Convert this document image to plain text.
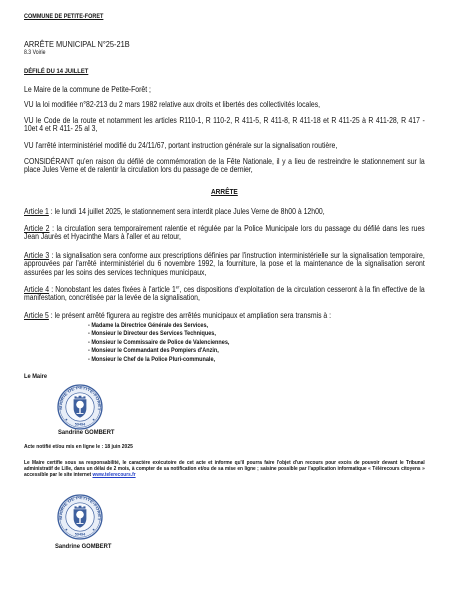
COMMUNE DE PETITE-FORET
ARRÊTE MUNICIPAL N°25-21B
8.3 Voirie
DÉFILÉ DU 14 JUILLET

Le Maire de la commune de Petite-Forêt ;

VU la loi modifiée n°82-213 du 2 mars 1982 relative aux droits et libertés des collectivités locales,

VU le Code de la route et notamment les articles R110-1, R 110-2, R 411-5, R 411-8, R 411-18 et R 411-25 à R 411-28, R 417 - 10et 4 et R 411- 25 al 3,

VU l'arrêté interministériel modifié du 24/11/67, portant instruction générale sur la signalisation routière,

CONSIDÉRANT qu'en raison du défilé de commémoration de la Fête Nationale, il y a lieu de restreindre le stationnement sur la place Jules Verne et de ralentir la circulation lors du passage de ce dernier,

ARRÊTE

Article 1 : le lundi 14 juillet 2025, le stationnement sera interdit place Jules Verne de 8h00 à 12h00,

Article 2 : la circulation sera temporairement ralentie et régulée par la Police Municipale lors du passage du défilé dans les rues Jean Jaurès et Hyacinthe Mars à l'aller et au retour,

Article 3 : la signalisation sera conforme aux prescriptions définies par l'instruction interministérielle sur la signalisation temporaire, approuvées par l'arrêté interministériel du 6 novembre 1992, la fourniture, la pose et la maintenance de la signalisation seront assurées par les soins des services techniques municipaux,

Article 4 : Nonobstant les dates fixées à l'article 1er, ces dispositions d'exploitation de la circulation cesseront à la fin effective de la manifestation, concrétisée par la levée de la signalisation,

Article 5 : le présent arrêté figurera au registre des arrêtés municipaux et ampliation sera transmis à :

- Madame la Directrice Générale des Services,
- Monsieur le Directeur des Services Techniques,
- Monsieur le Commissaire de Police de Valenciennes,
- Monsieur le Commandant des Pompiers d'Anzin,
- Monsieur le Chef de la Police Pluri-communale,
Le Maire
Sandrine GOMBERT
Acte notifié et/ou mis en ligne le : 18 juin 2025

Le Maire certifie sous sa responsabilité, le caractère exécutoire de cet acte et informe qu'il pourra faire l'objet d'un recours pour excès de pouvoir devant le Tribunal administratif de Lille, dans un délai de 2 mois, à compter de sa notification et/ou de sa mise en ligne ; saisine possible par l'application informatique « Télérecours citoyens » accessible par le site internet www.telerecours.fr

Sandrine GOMBERT
MAIRIE DE PETITE-FORET
59494
MAIRIE DE PETITE-FORET
59494
